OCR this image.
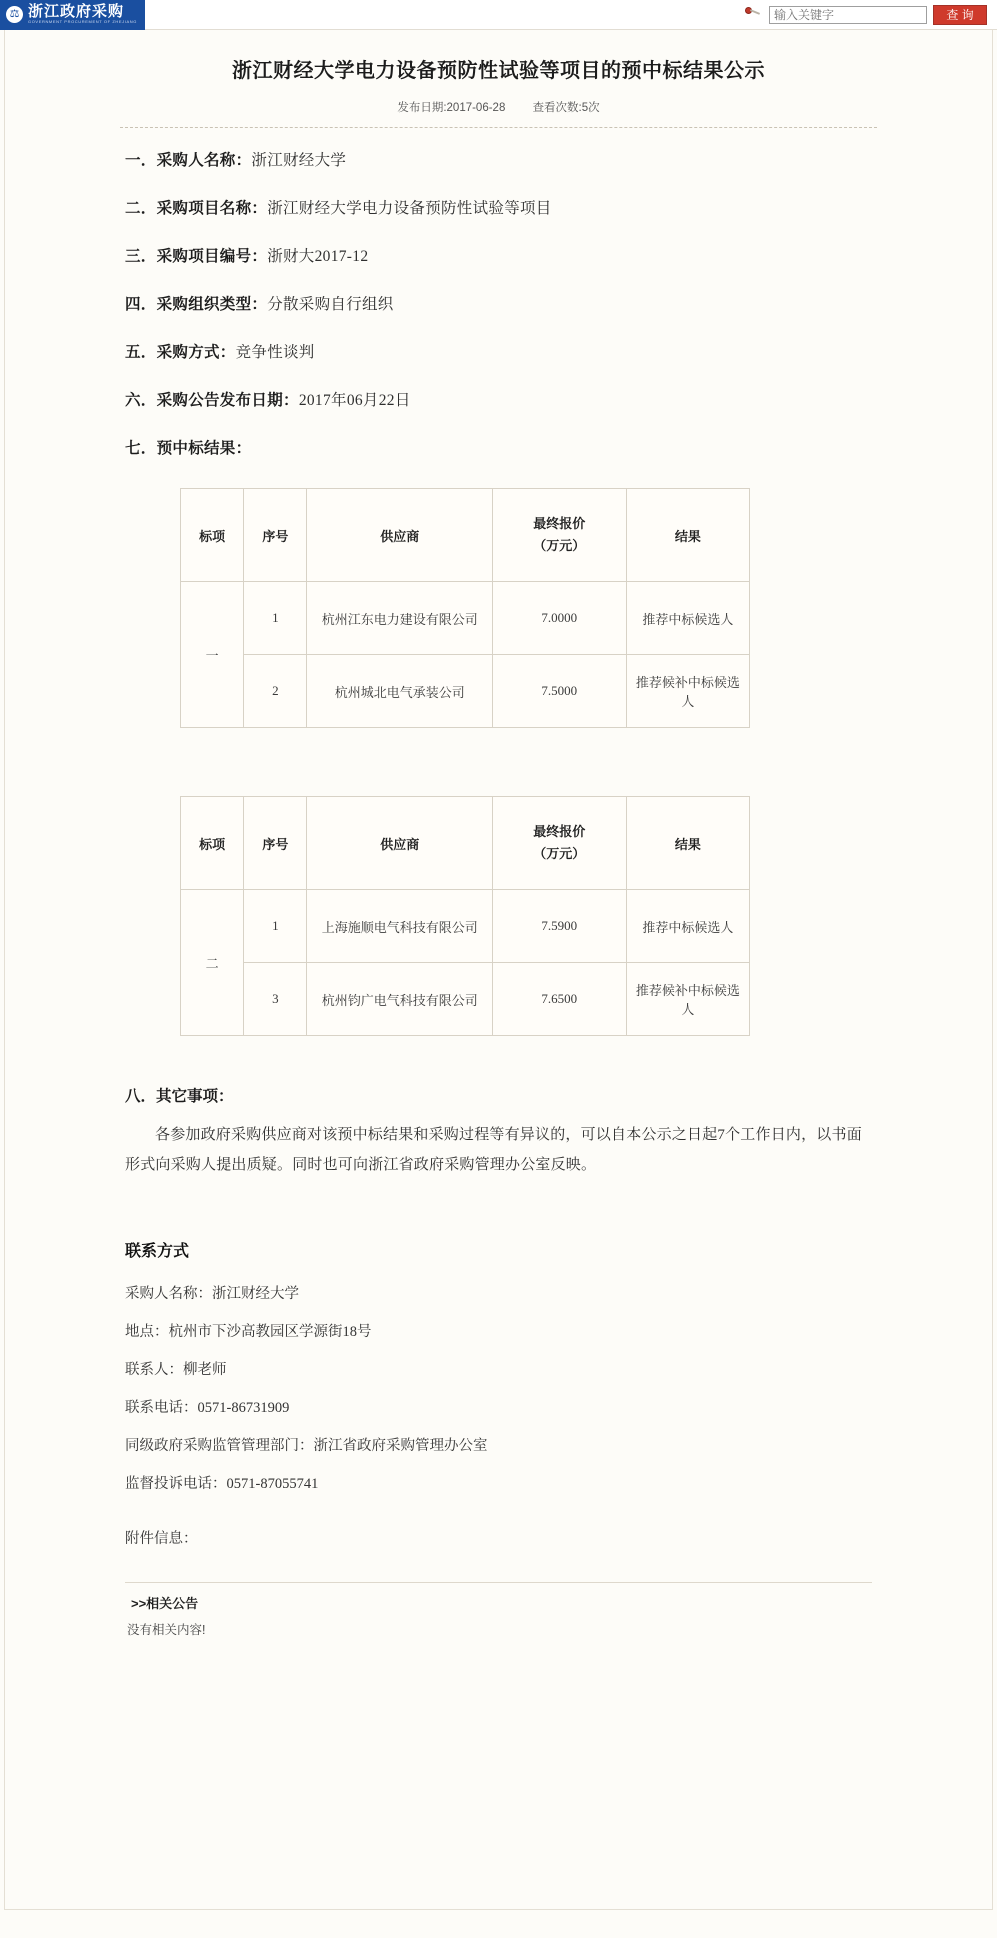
⚖ 浙江政府采购
GOVERNMENT PROCUREMENT OF ZHEJIANG
输入关键字	查 询
浙江财经大学电力设备预防性试验等项目的预中标结果公示
发布日期:2017-06-28 查看次数:5次
一．采购人名称：浙江财经大学
二．采购项目名称：浙江财经大学电力设备预防性试验等项目
三．采购项目编号：浙财大2017-12
四．采购组织类型：分散采购自行组织
五．采购方式：竞争性谈判
六．采购公告发布日期：2017年06月22日
七．预中标结果：
标项	序号	供应商	最终报价
（万元）	结果
一	1	杭州江东电力建设有限公司	7.0000	推荐中标候选人
	2	杭州城北电气承装公司	7.5000	推荐候补中标候选人
标项	序号	供应商	最终报价
（万元）	结果
二	1	上海施顺电气科技有限公司	7.5900	推荐中标候选人
	3	杭州钧广电气科技有限公司	7.6500	推荐候补中标候选人
八．其它事项：
各参加政府采购供应商对该预中标结果和采购过程等有异议的，可以自本公示之日起7个工作日内，以书面形式向采购人提出质疑。同时也可向浙江省政府采购管理办公室反映。
联系方式
采购人名称：浙江财经大学
地点：杭州市下沙高教园区学源街18号
联系人：柳老师
联系电话：0571-86731909
同级政府采购监管管理部门：浙江省政府采购管理办公室
监督投诉电话：0571-87055741
附件信息：
>>相关公告
没有相关内容!
